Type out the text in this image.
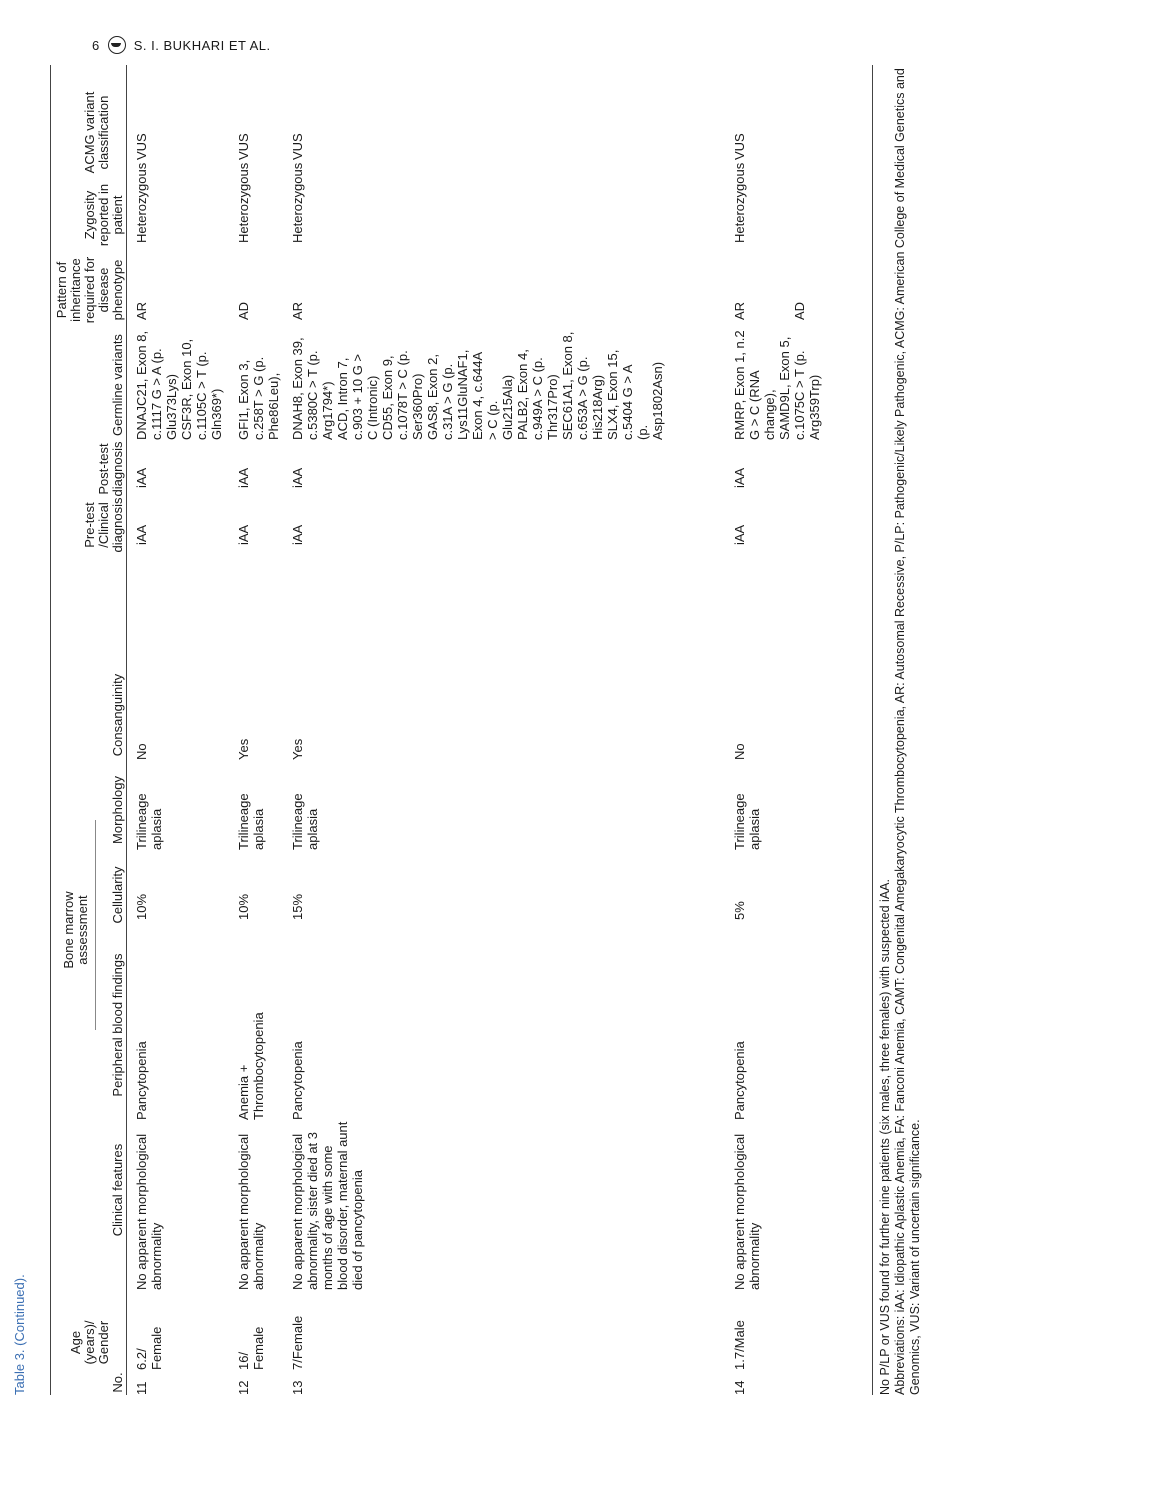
6	S. I. BUKHARI ET AL.
Table 3. (Continued).
No.
Age (years)/ Gender
Clinical features
Peripheral blood findings
Bone marrow assessment
Cellularity
Morphology
Consanguinity
Pre-test /Clinical diagnosis
Post-test diagnosis
Germline variants
Pattern of inheritance required for disease phenotype
Zygosity reported in patient
ACMG variant classification
11
6.2/ Female
No apparent morphological abnormality
Pancytopenia
10%
Trilineage aplasia
No
iAA
iAA
DNAJC21, Exon 8,
c.1117 G > A (p.
Glu373Lys)
CSF3R, Exon 10,
c.1105C > T (p.
Gln369*)
AR
Heterozygous
VUS
12
16/ Female
No apparent morphological abnormality
Anemia + Thrombocytopenia
10%
Trilineage aplasia
Yes
iAA
iAA
GFI1, Exon 3,
c.258T > G (p.
Phe86Leu),
AD
Heterozygous
VUS
13
7/Female
No apparent morphological abnormality, sister died at 3 months of age with some blood disorder, maternal aunt died of pancytopenia
Pancytopenia
15%
Trilineage aplasia
Yes
iAA
iAA
DNAH8, Exon 39,
c.5380C > T (p.
Arg1794*)
ACD, Intron 7,
c.903 + 10 G >
C (Intronic)
CD55, Exon 9,
c.1078T > C (p.
Ser360Pro)
GAS8, Exon 2,
c.31A > G (p.
Lys11GluNAF1,
Exon 4, c.644A
> C (p.
Glu215Ala)
PALB2, Exon 4,
c.949A > C (p.
Thr317Pro)
SEC61A1, Exon 8,
c.653A > G (p.
His218Arg)
SLX4, Exon 15,
c.5404 G > A
(p.
Asp1802Asn)
AR
Heterozygous
VUS
14
1.7/Male
No apparent morphological abnormality
Pancytopenia
5%
Trilineage aplasia
No
iAA
iAA
RMRP, Exon 1, n.2
G > C (RNA
change),
SAMD9L, Exon 5,
c.1075C > T (p.
Arg359Trp)
AR	AD
Heterozygous
VUS
No P/LP or VUS found for further nine patients (six males, three females) with suspected iAA. Abbreviations: iAA: Idiopathic Aplastic Anemia, FA: Fanconi Anemia, CAMT: Congenital Amegakaryocytic Thrombocytopenia, AR: Autosomal Recessive, P/LP: Pathogenic/Likely Pathogenic, ACMG: American College of Medical Genetics and Genomics, VUS: Variant of uncertain significance.
